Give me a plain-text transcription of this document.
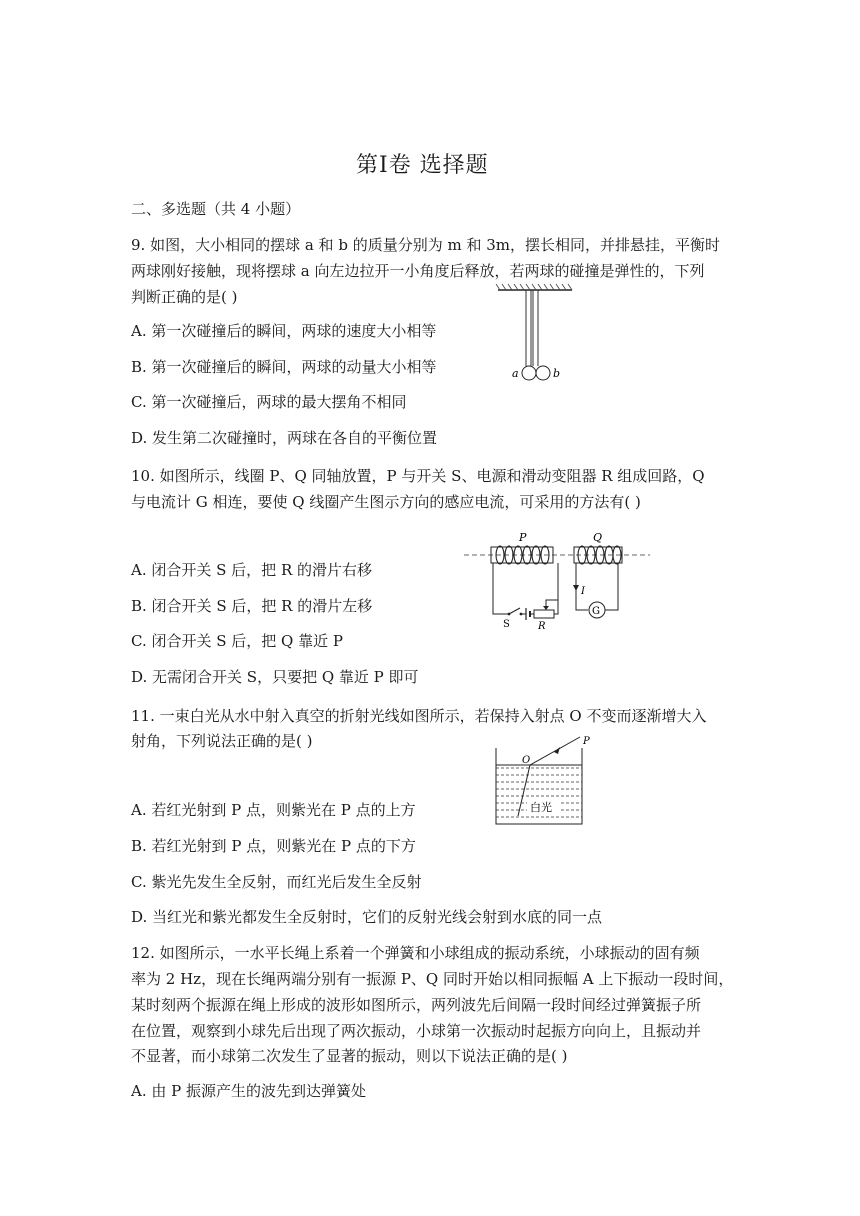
第Ⅰ卷 选择题
二、多选题（共 4 小题）
9. 如图，大小相同的摆球 a 和 b 的质量分别为 m 和 3m，摆长相同，并排悬挂，平衡时
两球刚好接触，现将摆球 a 向左边拉开一小角度后释放，若两球的碰撞是弹性的，下列
判断正确的是( )
A. 第一次碰撞后的瞬间，两球的速度大小相等
B. 第一次碰撞后的瞬间，两球的动量大小相等
C. 第一次碰撞后，两球的最大摆角不相同
D. 发生第二次碰撞时，两球在各自的平衡位置
a	b
10. 如图所示，线圈 P、Q 同轴放置，P 与开关 S、电源和滑动变阻器 R 组成回路，Q
与电流计 G 相连，要使 Q 线圈产生图示方向的感应电流，可采用的方法有( )
A. 闭合开关 S 后，把 R 的滑片右移
B. 闭合开关 S 后，把 R 的滑片左移
C. 闭合开关 S 后，把 Q 靠近 P
D. 无需闭合开关 S，只要把 Q 靠近 P 即可
P
S	R
Q
G
I
11. 一束白光从水中射入真空的折射光线如图所示，若保持入射点 O 不变而逐渐增大入
射角，下列说法正确的是( )
A. 若红光射到 P 点，则紫光在 P 点的上方
B. 若红光射到 P 点，则紫光在 P 点的下方
C. 紫光先发生全反射，而红光后发生全反射
D. 当红光和紫光都发生全反射时，它们的反射光线会射到水底的同一点
O
P
白光
12. 如图所示，一水平长绳上系着一个弹簧和小球组成的振动系统，小球振动的固有频
率为 2 Hz，现在长绳两端分别有一振源 P、Q 同时开始以相同振幅 A 上下振动一段时间，
某时刻两个振源在绳上形成的波形如图所示，两列波先后间隔一段时间经过弹簧振子所
在位置，观察到小球先后出现了两次振动，小球第一次振动时起振方向向上，且振动并
不显著，而小球第二次发生了显著的振动，则以下说法正确的是( )
A. 由 P 振源产生的波先到达弹簧处
